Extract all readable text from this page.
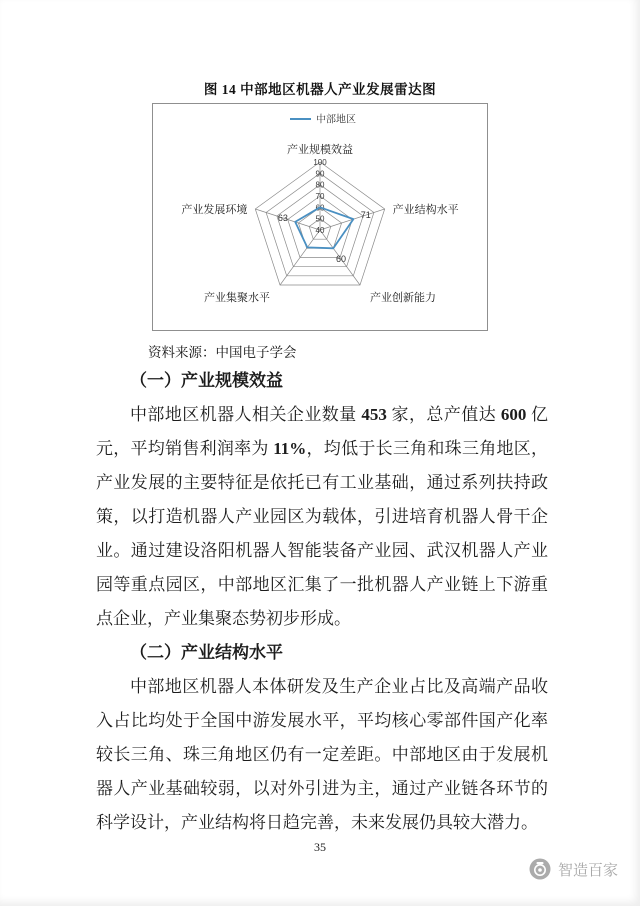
图 14 中部地区机器人产业发展雷达图
中部地区
40
50
60
70
80
90
100
产业规模效益
产业结构水平
产业创新能力
产业集聚水平
产业发展环境	71
60
63
资料来源：中国电子学会
（一）产业规模效益

中部地区机器人相关企业数量 453 家，总产值达 600 亿元，平均销售利润率为 11%，均低于长三角和珠三角地区，产业发展的主要特征是依托已有工业基础，通过系列扶持政策，以打造机器人产业园区为载体，引进培育机器人骨干企业。通过建设洛阳机器人智能装备产业园、武汉机器人产业园等重点园区，中部地区汇集了一批机器人产业链上下游重点企业，产业集聚态势初步形成。

（二）产业结构水平

中部地区机器人本体研发及生产企业占比及高端产品收入占比均处于全国中游发展水平，平均核心零部件国产化率较长三角、珠三角地区仍有一定差距。中部地区由于发展机器人产业基础较弱，以对外引进为主，通过产业链各环节的科学设计，产业结构将日趋完善，未来发展仍具较大潜力。

35
智造百家
